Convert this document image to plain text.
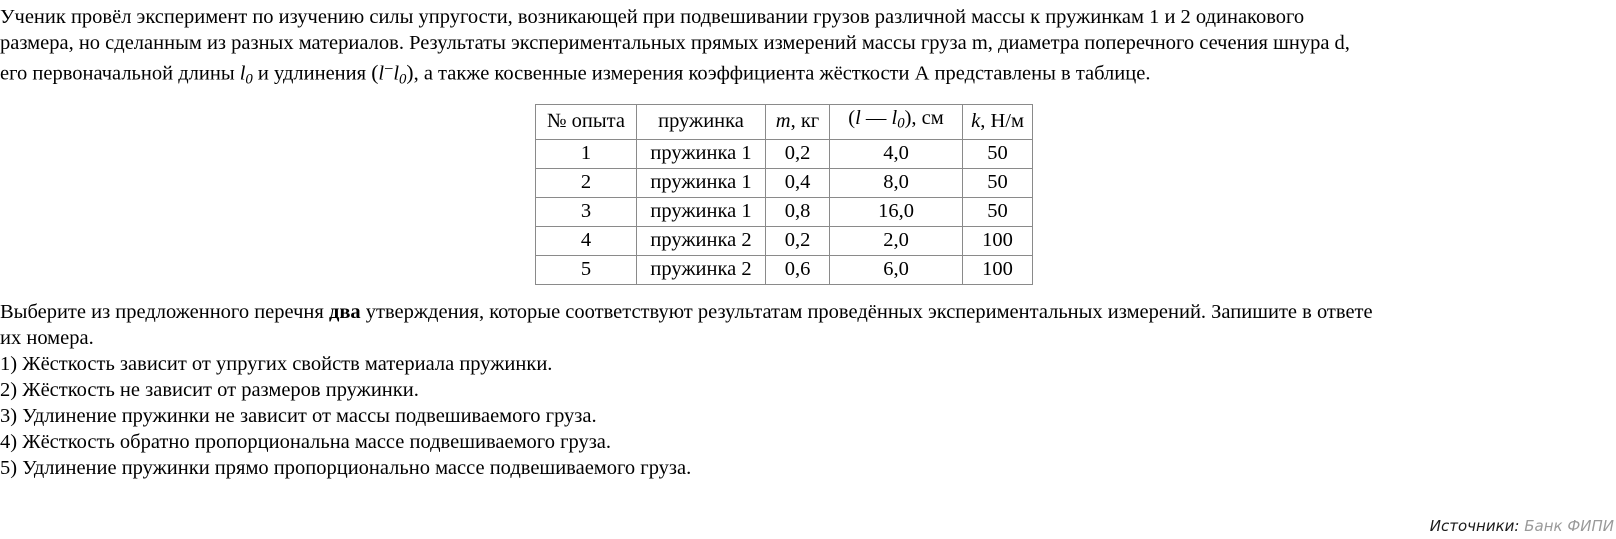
Ученик провёл эксперимент по изучению силы упругости, возникающей при подвешивании грузов различной массы к пружинкам 1 и 2 одинакового
размера, но сделанным из разных материалов. Результаты экспериментальных прямых измерений массы груза m, диаметра поперечного сечения шнура d,
его первоначальной длины $l_0$ и удлинения $(l^-l_0)$, а также косвенные измерения коэффициента жёсткости А представлены в таблице.
№ опыта	пружинка	m, кг	(l — $l_0$), см	k, Н/м
1	пружинка 1	0,2	4,0	50
2	пружинка 1	0,4	8,0	50
3	пружинка 1	0,8	16,0	50
4	пружинка 2	0,2	2,0	100
5	пружинка 2	0,6	6,0	100
Выберите из предложенного перечня два утверждения, которые соответствуют результатам проведённых экспериментальных измерений. Запишите в ответе
их номера.
1) Жёсткость зависит от упругих свойств материала пружинки.
2) Жёсткость не зависит от размеров пружинки.
3) Удлинение пружинки не зависит от массы подвешиваемого груза.
4) Жёсткость обратно пропорциональна массе подвешиваемого груза.
5) Удлинение пружинки прямо пропорционально массе подвешиваемого груза.
Источники: Банк ФИПИ
